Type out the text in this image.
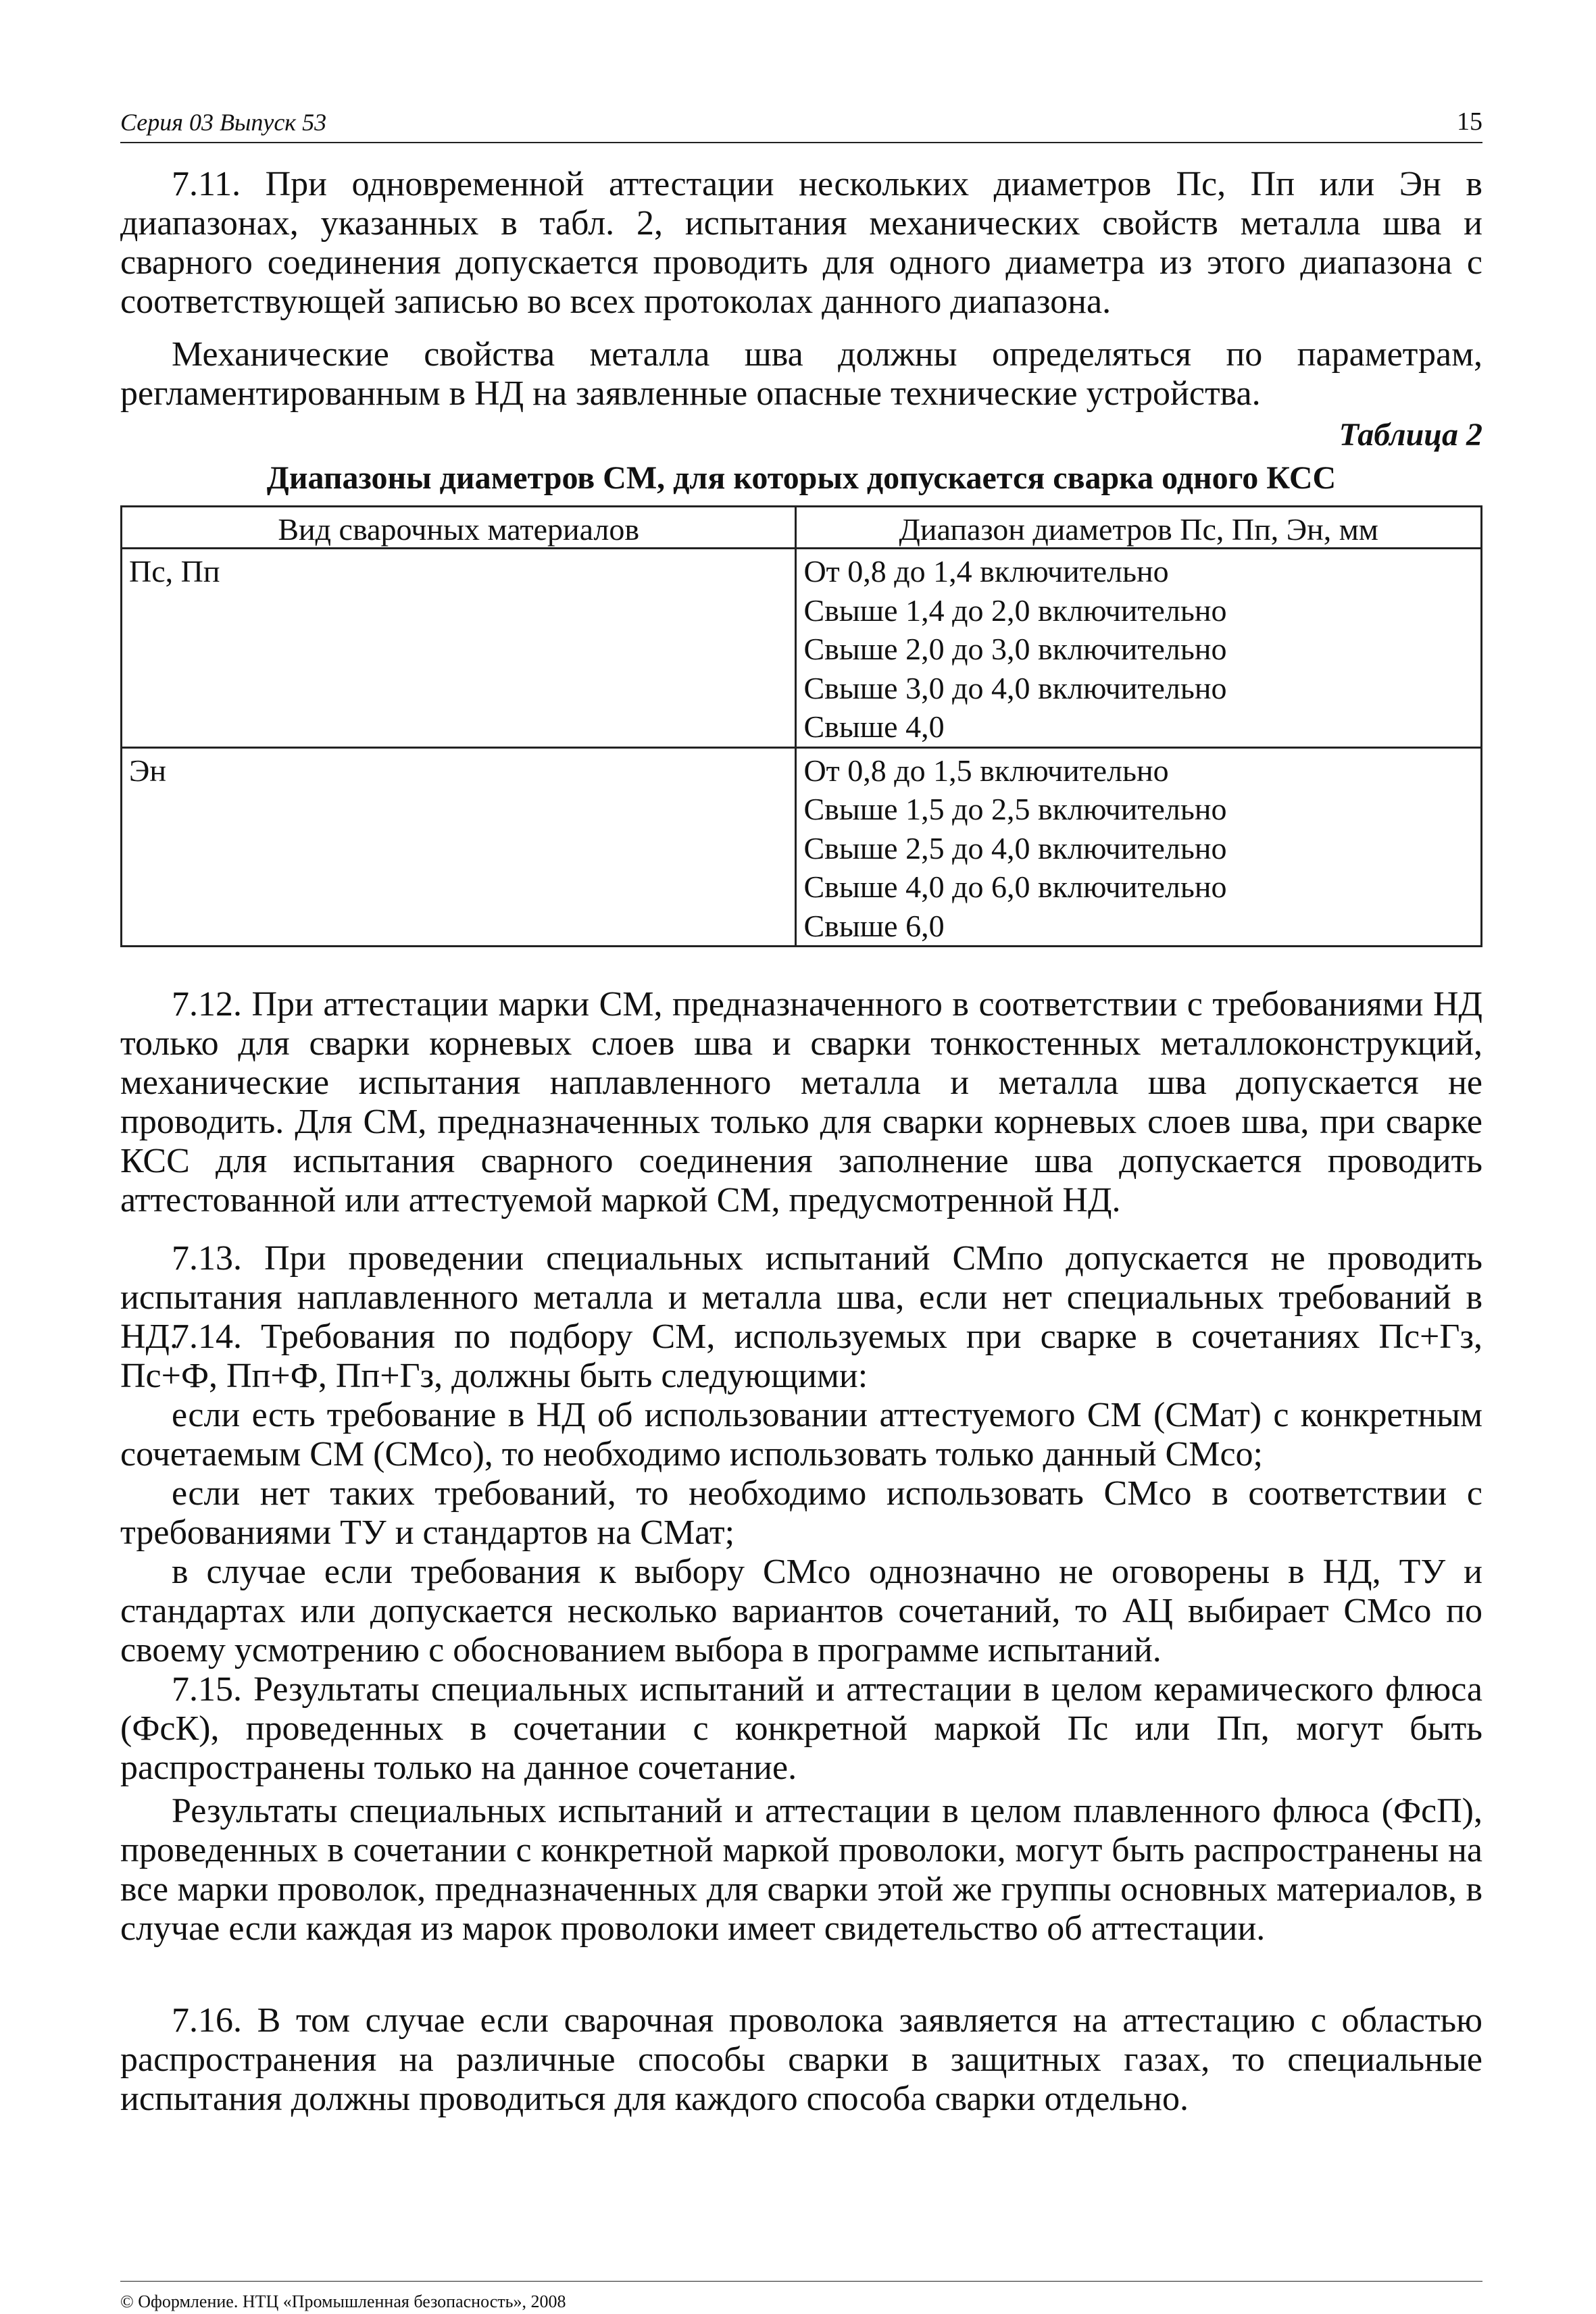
Серия 03 Выпуск 53	15

7.11. При одновременной аттестации нескольких диаметров Пс, Пп или Эн в диапазонах, указанных в табл. 2, испытания механических свойств металла шва и сварного соединения допускается проводить для одного диаметра из этого диапазона с соответствующей записью во всех протоколах данного диапазона.

Механические свойства металла шва должны определяться по параметрам, регламентированным в НД на заявленные опасные технические устройства.

Таблица 2
Диапазоны диаметров СМ, для которых допускается сварка одного КСС
Вид сварочных материалов	Диапазон диаметров Пс, Пп, Эн, мм
Пс, Пп	От 0,8 до 1,4 включительно
Свыше 1,4 до 2,0 включительно
Свыше 2,0 до 3,0 включительно
Свыше 3,0 до 4,0 включительно
Свыше 4,0

Эн	От 0,8 до 1,5 включительно
Свыше 1,5 до 2,5 включительно
Свыше 2,5 до 4,0 включительно
Свыше 4,0 до 6,0 включительно
Свыше 6,0

7.12. При аттестации марки СМ, предназначенного в соответствии с требованиями НД только для сварки корневых слоев шва и сварки тонкостенных металлоконструкций, механические испытания наплавленного металла и металла шва допускается не проводить. Для СМ, предназначенных только для сварки корневых слоев шва, при сварке КСС для испытания сварного соединения заполнение шва допускается проводить аттестованной или аттестуемой маркой СМ, предусмотренной НД.

7.13. При проведении специальных испытаний СМпо допускается не проводить испытания наплавленного металла и металла шва, если нет специальных требований в НД.

7.14. Требования по подбору СМ, используемых при сварке в сочетаниях Пс+Гз, Пс+Ф, Пп+Ф, Пп+Гз, должны быть следующими:

если есть требование в НД об использовании аттестуемого СМ (СМат) с конкретным сочетаемым СМ (СМсо), то необходимо использовать только данный СМсо;

если нет таких требований, то необходимо использовать СМсо в соответствии с требованиями ТУ и стандартов на СМат;

в случае если требования к выбору СМсо однозначно не оговорены в НД, ТУ и стандартах или допускается несколько вариантов сочетаний, то АЦ выбирает СМсо по своему усмотрению с обоснованием выбора в программе испытаний.

7.15. Результаты специальных испытаний и аттестации в целом керамического флюса (ФсК), проведенных в сочетании с конкретной маркой Пс или Пп, могут быть распространены только на данное сочетание.

Результаты специальных испытаний и аттестации в целом плавленного флюса (ФсП), проведенных в сочетании с конкретной маркой проволоки, могут быть распространены на все марки проволок, предназначенных для сварки этой же группы основных материалов, в случае если каждая из марок проволоки имеет свидетельство об аттестации.

7.16. В том случае если сварочная проволока заявляется на аттестацию с областью распространения на различные способы сварки в защитных газах, то специальные испытания должны проводиться для каждого способа сварки отдельно.

© Оформление. НТЦ «Промышленная безопасность», 2008
